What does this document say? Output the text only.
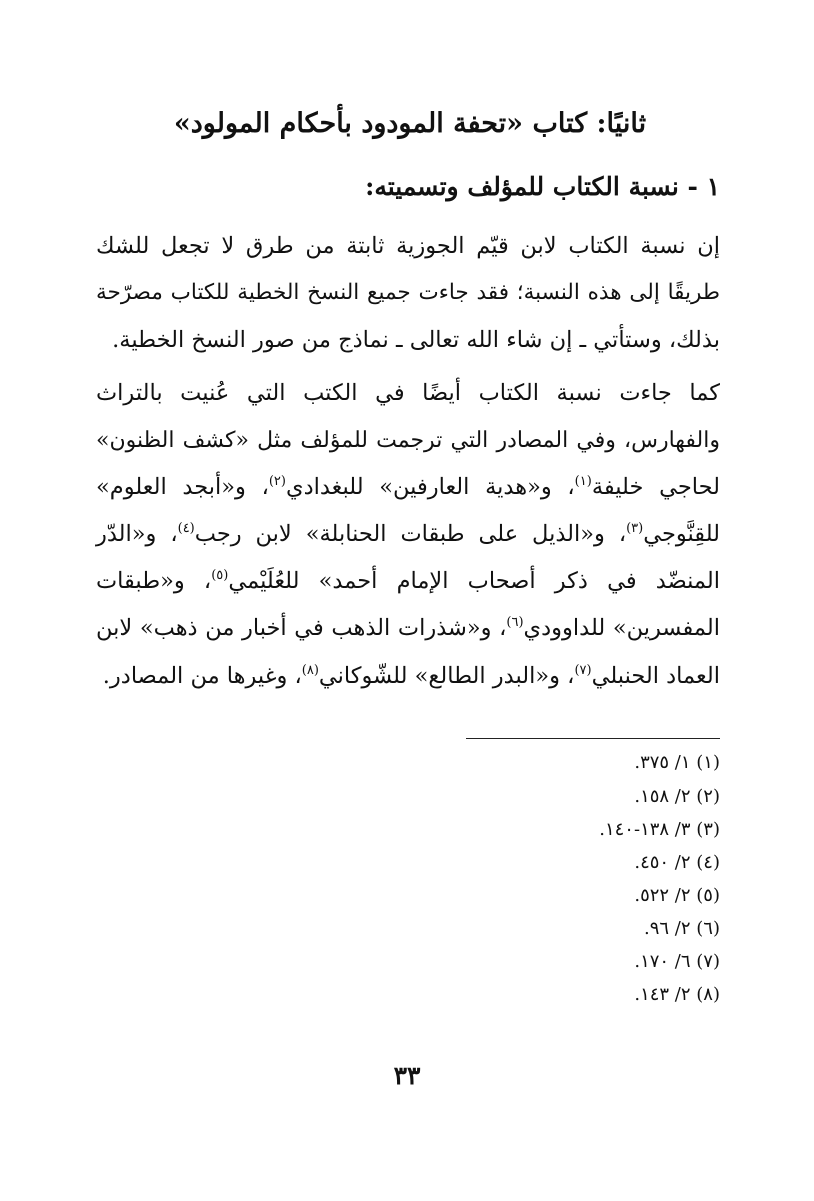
ثانيًا: كتاب «تحفة المودود بأحكام المولود»
١ - نسبة الكتاب للمؤلف وتسميته:
إن نسبة الكتاب لابن قيّم الجوزية ثابتة من طرق لا تجعل للشك
طريقًا إلى هذه النسبة؛ فقد جاءت جميع النسخ الخطية للكتاب مصرّحة
بذلك، وستأتي ـ إن شاء الله تعالى ـ نماذج من صور النسخ الخطية.
كما جاءت نسبة الكتاب أيضًا في الكتب التي عُنيت بالتراث
والفهارس، وفي المصادر التي ترجمت للمؤلف مثل «كشف الظنون»
لحاجي خليفة$^{(١)}$، و«هدية العارفين» للبغدادي$^{(٢)}$، و«أبجد العلوم»
للقِنَّوجي$^{(٣)}$، و«الذيل على طبقات الحنابلة» لابن رجب$^{(٤)}$، و«الدّر
المنضّد في ذكر أصحاب الإمام أحمد» للعُلَيْمي$^{(٥)}$، و«طبقات
المفسرين» للداوودي$^{(٦)}$، و«شذرات الذهب في أخبار من ذهب» لابن
العماد الحنبلي$^{(٧)}$، و«البدر الطالع» للشّوكاني$^{(٨)}$، وغيرها من المصادر.
(١) ١/ ٣٧٥.
(٢) ٢/ ١٥٨.
(٣) ٣/ ١٣٨-١٤٠.
(٤) ٢/ ٤٥٠.
(٥) ٢/ ٥٢٢.
(٦) ٢/ ٩٦.
(٧) ٦/ ١٧٠.
(٨) ٢/ ١٤٣.
٣٣
